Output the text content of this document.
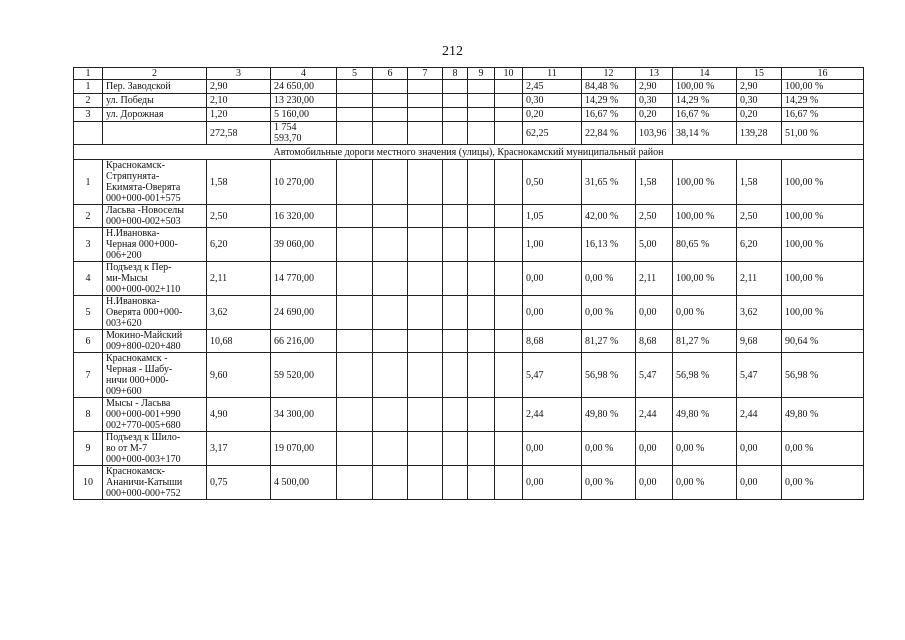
212
1	2	3	4	5	6	7	8	9	10	11	12	13	14	15	16
1	Пер. Заводской	2,90	24 650,00							2,45	84,48 %	2,90	100,00 %	2,90	100,00 %
2	ул. Победы	2,10	13 230,00							0,30	14,29 %	0,30	14,29 %	0,30	14,29 %
3	ул. Дорожная	1,20	5 160,00							0,20	16,67 %	0,20	16,67 %	0,20	16,67 %
		272,58	1 754
593,70							62,25	22,84 %	103,96	38,14 %	139,28	51,00 %
Автомобильные дороги местного значения (улицы), Краснокамский муниципальный район															
1	Краснокамск-
Стряпунята-
Екимята-Оверята
000+000-001+575	1,58	10 270,00							0,50	31,65 %	1,58	100,00 %	1,58	100,00 %
2	Ласьва -Новоселы
000+000-002+503	2,50	16 320,00							1,05	42,00 %	2,50	100,00 %	2,50	100,00 %
3	Н.Ивановка-
Черная 000+000-
006+200	6,20	39 060,00							1,00	16,13 %	5,00	80,65 %	6,20	100,00 %
4	Подъезд к Пер-
ми-Мысы
000+000-002+110	2,11	14 770,00							0,00	0,00 %	2,11	100,00 %	2,11	100,00 %
5	Н.Ивановка-
Оверята 000+000-
003+620	3,62	24 690,00							0,00	0,00 %	0,00	0,00 %	3,62	100,00 %
6	Мокино-Майский
009+800-020+480	10,68	66 216,00							8,68	81,27 %	8,68	81,27 %	9,68	90,64 %
7	Краснокамск -
Черная - Шабу-
ничи 000+000-
009+600	9,60	59 520,00							5,47	56,98 %	5,47	56,98 %	5,47	56,98 %
8	Мысы - Ласьва
000+000-001+990
002+770-005+680	4,90	34 300,00							2,44	49,80 %	2,44	49,80 %	2,44	49,80 %
9	Подъезд к Шило-
во от М-7
000+000-003+170	3,17	19 070,00							0,00	0,00 %	0,00	0,00 %	0,00	0,00 %
10	Краснокамск-
Ананичи-Катыши
000+000-000+752	0,75	4 500,00							0,00	0,00 %	0,00	0,00 %	0,00	0,00 %
